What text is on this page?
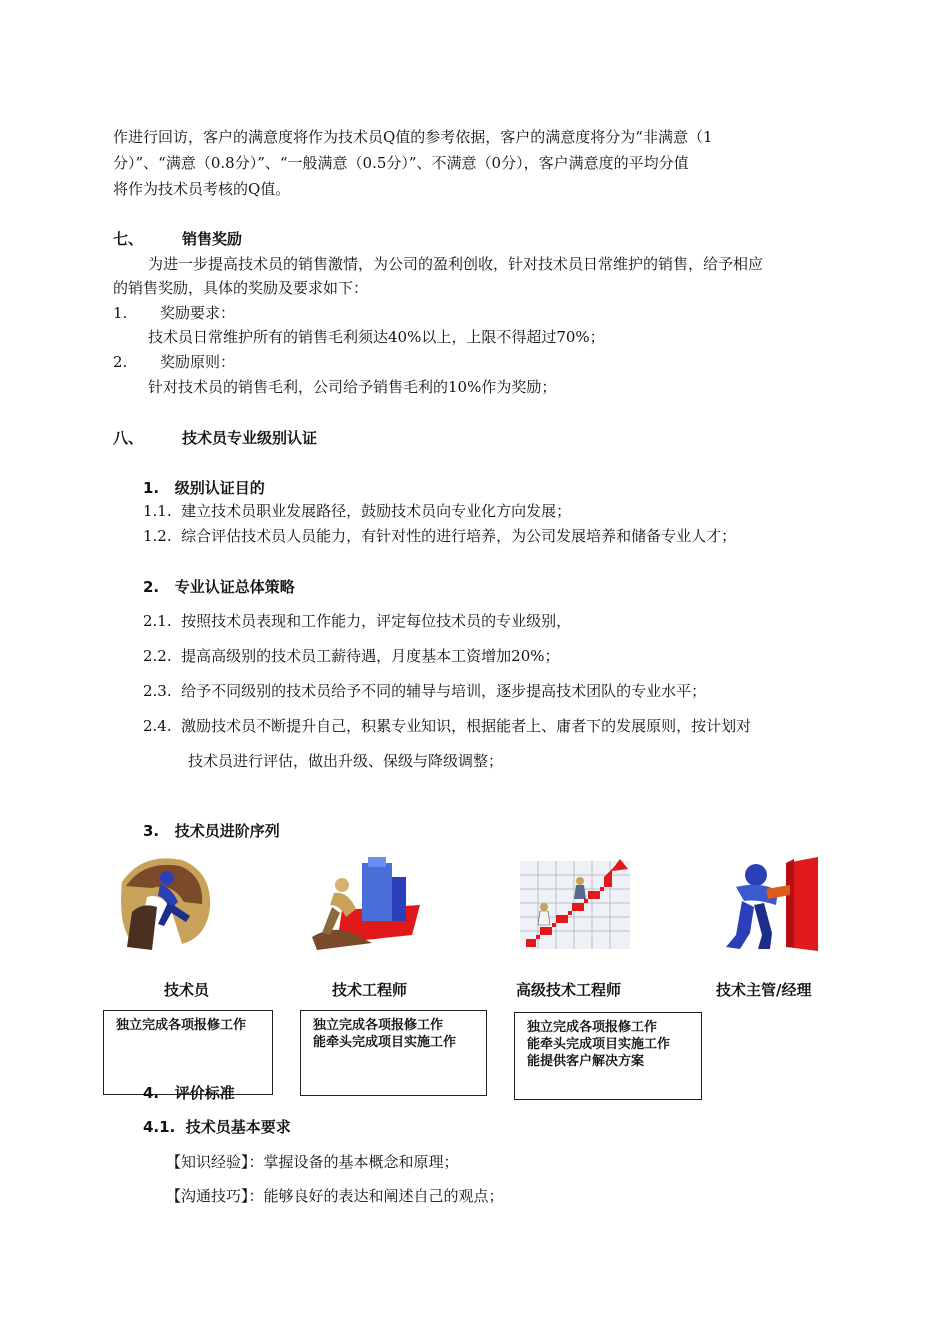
作进行回访，客户的满意度将作为技术员Q值的参考依据，客户的满意度将分为“非满意（1
分）”、“满意（0.8分）”、“一般满意（0.5分）”、不满意（0分），客户满意度的平均分值
将作为技术员考核的Q值。
七、	销售奖励
为进一步提高技术员的销售激情，为公司的盈利创收，针对技术员日常维护的销售，给予相应
的销售奖励，具体的奖励及要求如下：
1. 奖励要求：
技术员日常维护所有的销售毛利须达40%以上，上限不得超过70%；
2. 奖励原则：
针对技术员的销售毛利，公司给予销售毛利的10%作为奖励；
八、	技术员专业级别认证
1.   级别认证目的
1.1.  建立技术员职业发展路径，鼓励技术员向专业化方向发展；
1.2.  综合评估技术员人员能力，有针对性的进行培养，为公司发展培养和储备专业人才；
2.   专业认证总体策略
2.1.  按照技术员表现和工作能力，评定每位技术员的专业级别，
2.2.  提高高级别的技术员工薪待遇，月度基本工资增加20%；
2.3.  给予不同级别的技术员给予不同的辅导与培训，逐步提高技术团队的专业水平；
2.4.  激励技术员不断提升自己，积累专业知识，根据能者上、庸者下的发展原则，按计划对
技术员进行评估，做出升级、保级与降级调整；
3.   技术员进阶序列
技术员	技术工程师	高级技术工程师	技术主管/经理
独立完成各项报修工作	独立完成各项报修工作
能牵头完成项目实施工作
独立完成各项报修工作
能牵头完成项目实施工作
能提供客户解决方案
4.   评价标准
4.1.  技术员基本要求
【知识经验】：掌握设备的基本概念和原理；
【沟通技巧】：能够良好的表达和阐述自己的观点；
